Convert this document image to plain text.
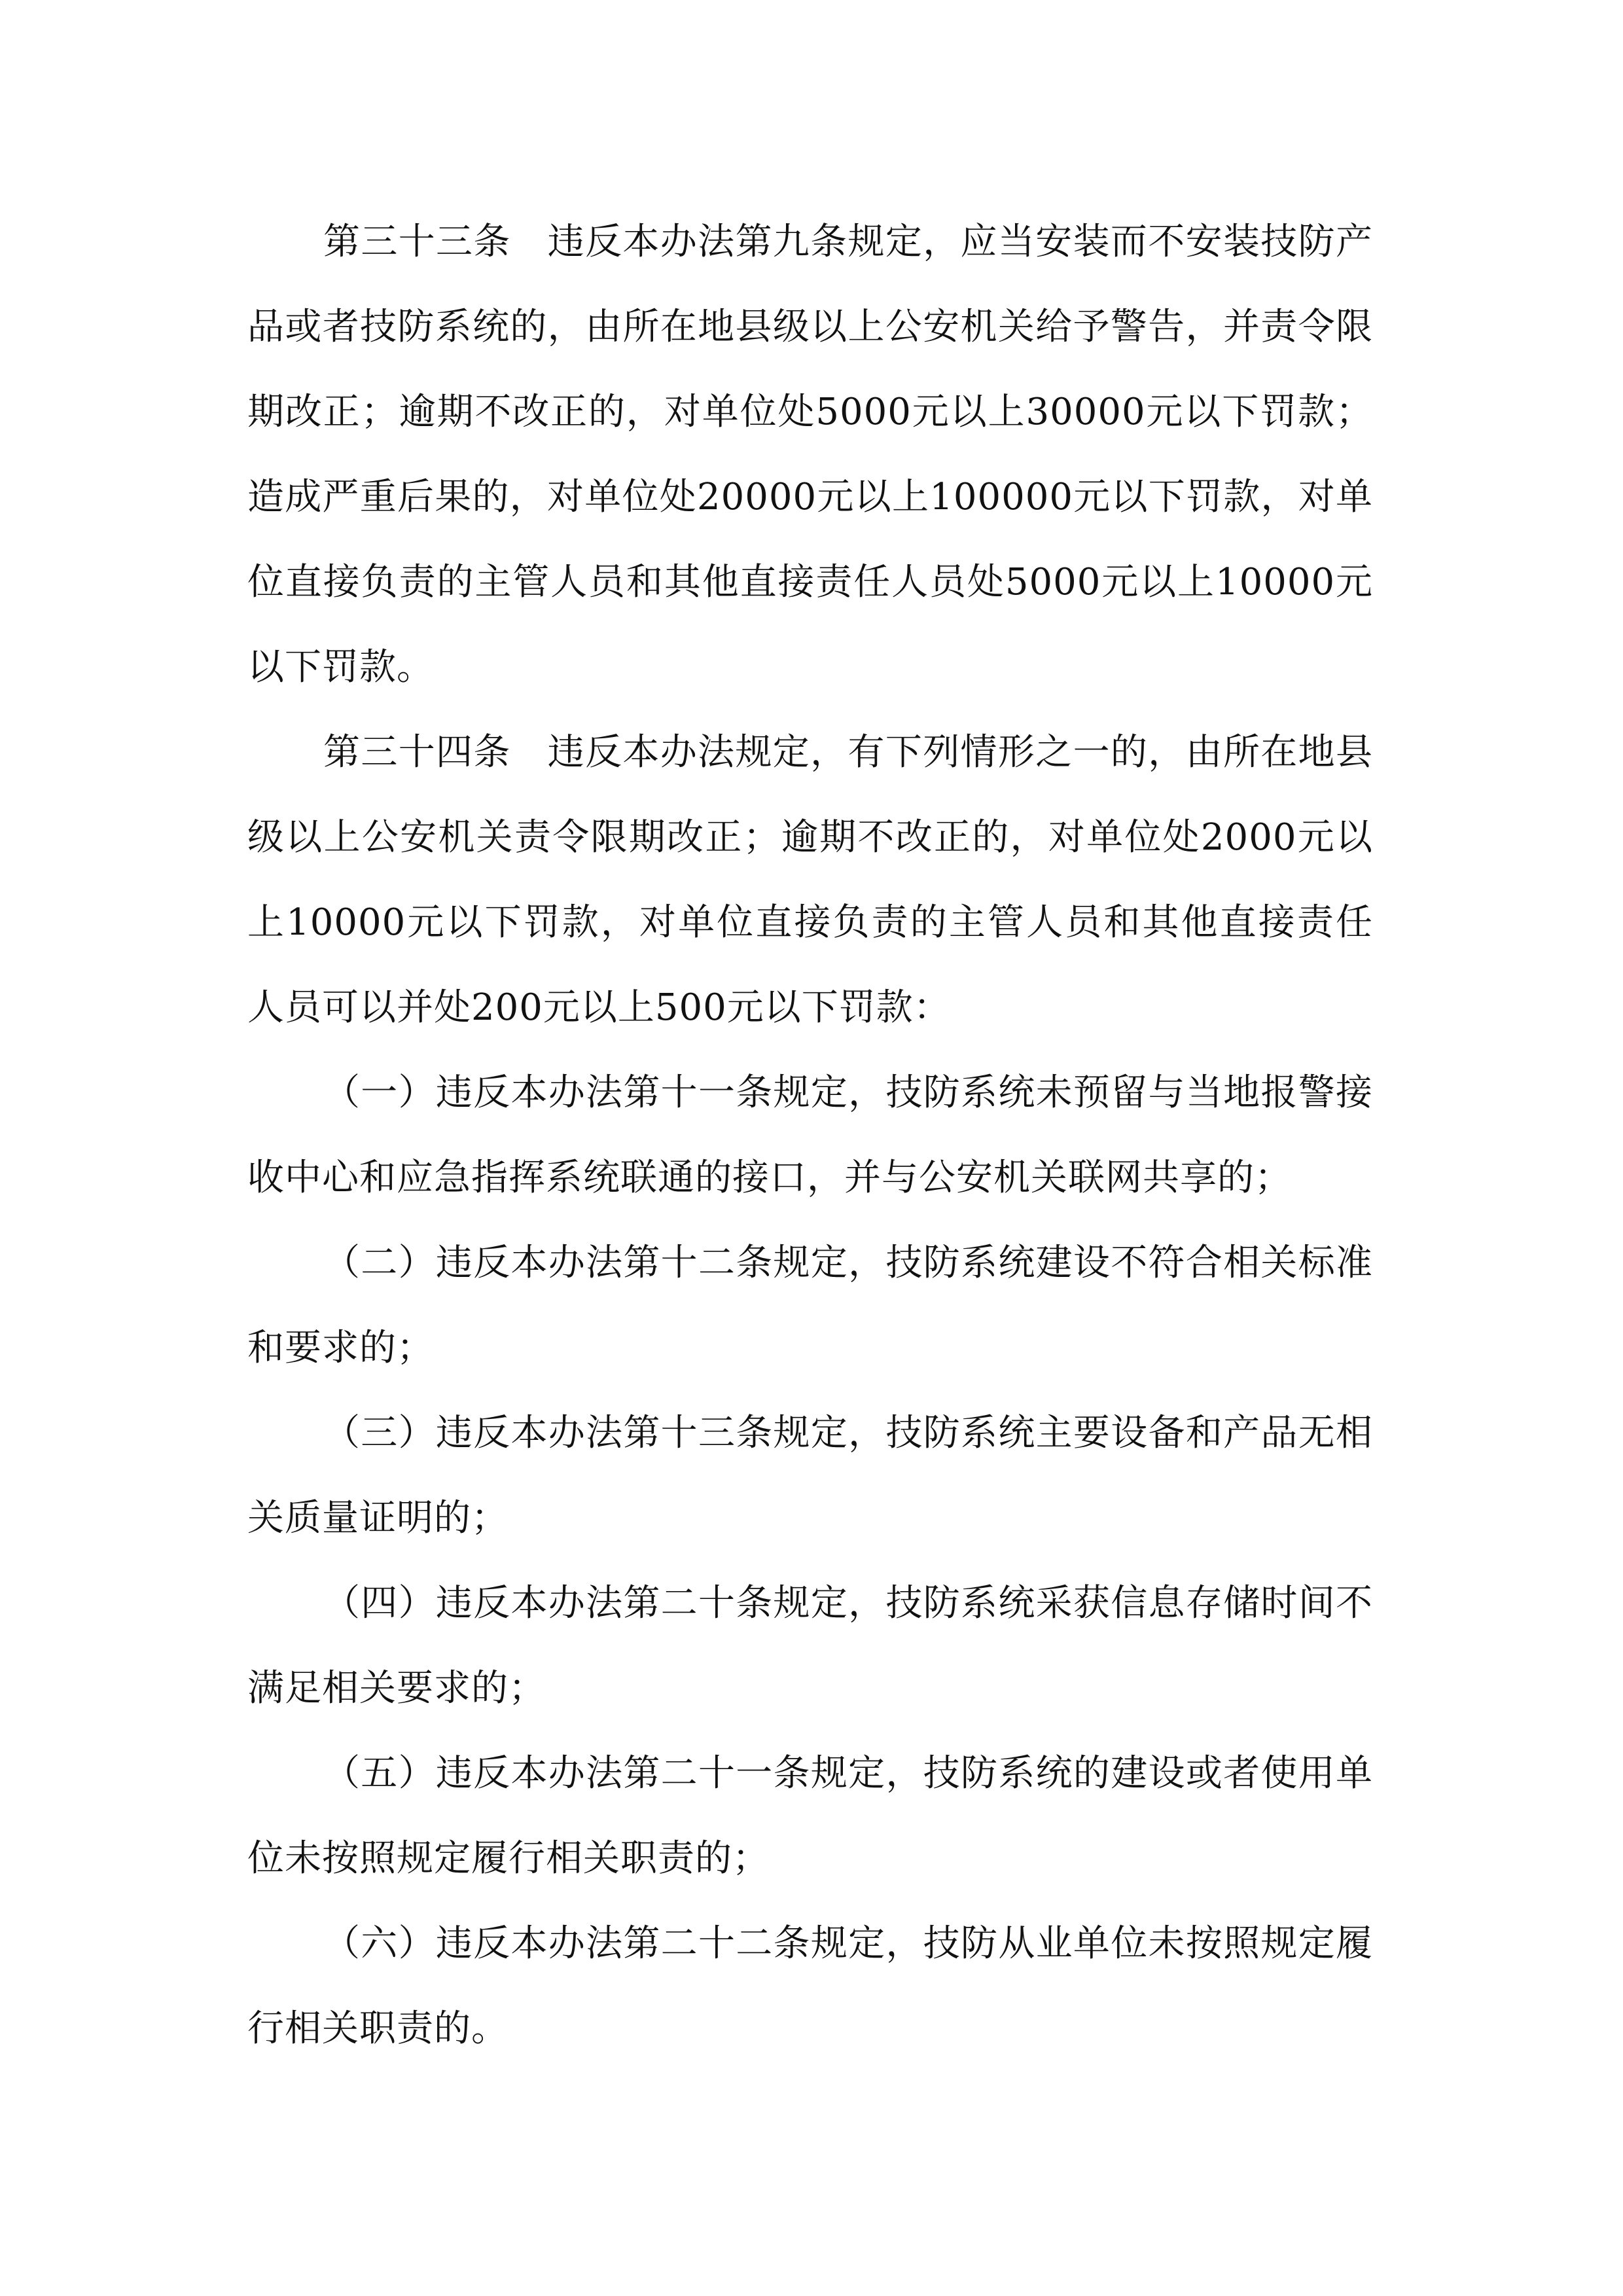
第三十三条 违反本办法第九条规定，应当安装而不安装技防产品或者技防系统的，由所在地县级以上公安机关给予警告，并责令限期改正；逾期不改正的，对单位处5000元以上30000元以下罚款；造成严重后果的，对单位处20000元以上100000元以下罚款，对单位直接负责的主管人员和其他直接责任人员处5000元以上10000元以下罚款。

第三十四条 违反本办法规定，有下列情形之一的，由所在地县级以上公安机关责令限期改正；逾期不改正的，对单位处2000元以上10000元以下罚款，对单位直接负责的主管人员和其他直接责任人员可以并处200元以上500元以下罚款：

（一）违反本办法第十一条规定，技防系统未预留与当地报警接收中心和应急指挥系统联通的接口，并与公安机关联网共享的；

（二）违反本办法第十二条规定，技防系统建设不符合相关标准和要求的；

（三）违反本办法第十三条规定，技防系统主要设备和产品无相关质量证明的；

（四）违反本办法第二十条规定，技防系统采获信息存储时间不满足相关要求的；

（五）违反本办法第二十一条规定，技防系统的建设或者使用单位未按照规定履行相关职责的；

（六）违反本办法第二十二条规定，技防从业单位未按照规定履行相关职责的。
